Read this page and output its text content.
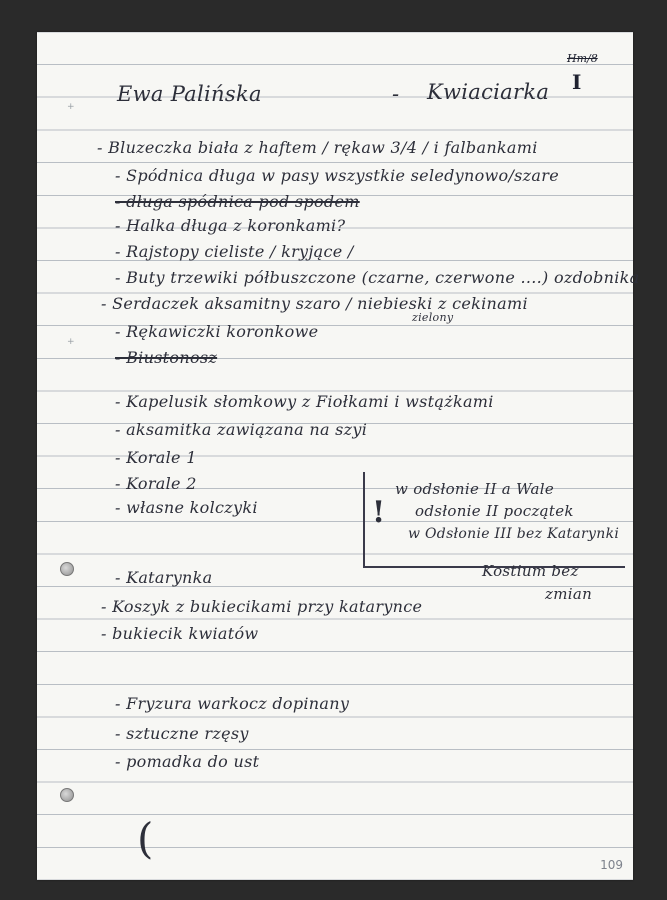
+
+
Ewa Palińska	- Kwiaciarka
Hm/8
I
- Bluzeczka biała z haftem / rękaw 3/4 / i falbankami
- Spódnica długa w pasy wszystkie seledynowo/szare
- długa spódnica pod spodem
- Halka długa z koronkami?
- Rajstopy cieliste / kryjące /
- Buty trzewiki półbuszczone (czarne, czerwone ....) ozdobnika
- Serdaczek aksamitny szaro / niebieski z cekinami
zielony
- Rękawiczki koronkowe
- Biustonosz
- Kapelusik słomkowy z Fiołkami i wstążkami
- aksamitka zawiązana na szyi
- Korale 1
- Korale 2
- własne kolczyki
- Katarynka
- Koszyk z bukiecikami przy katarynce
- bukiecik kwiatów
- Fryzura warkocz dopinany
- sztuczne rzęsy
- pomadka do ust
(
109
!
w odsłonie II a Wale
odsłonie II początek
w Odsłonie III bez Katarynki
Kostium bez
zmian
